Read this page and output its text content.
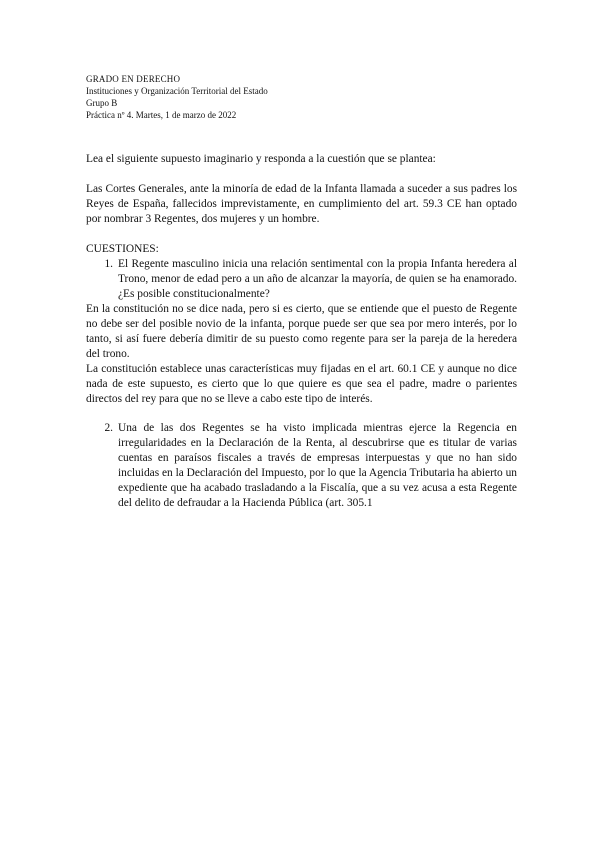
GRADO EN DERECHO
Instituciones y Organización Territorial del Estado
Grupo B
Práctica nº 4. Martes, 1 de marzo de 2022

Lea el siguiente supuesto imaginario y responda a la cuestión que se plantea:

Las Cortes Generales, ante la minoría de edad de la Infanta llamada a suceder a sus padres los Reyes de España, fallecidos imprevistamente, en cumplimiento del art. 59.3 CE han optado por nombrar 3 Regentes, dos mujeres y un hombre.

CUESTIONES:

1. El Regente masculino inicia una relación sentimental con la propia Infanta heredera al Trono, menor de edad pero a un año de alcanzar la mayoría, de quien se ha enamorado. ¿Es posible constitucionalmente?

En la constitución no se dice nada, pero si es cierto, que se entiende que el puesto de Regente no debe ser del posible novio de la infanta, porque puede ser que sea por mero interés, por lo tanto, si así fuere debería dimitir de su puesto como regente para ser la pareja de la heredera del trono.

La constitución establece unas características muy fijadas en el art. 60.1 CE y aunque no dice nada de este supuesto, es cierto que lo que quiere es que sea el padre, madre o parientes directos del rey para que no se lleve a cabo este tipo de interés.

2. Una de las dos Regentes se ha visto implicada mientras ejerce la Regencia en irregularidades en la Declaración de la Renta, al descubrirse que es titular de varias cuentas en paraísos fiscales a través de empresas interpuestas y que no han sido incluidas en la Declaración del Impuesto, por lo que la Agencia Tributaria ha abierto un expediente que ha acabado trasladando a la Fiscalía, que a su vez acusa a esta Regente del delito de defraudar a la Hacienda Pública (art. 305.1
